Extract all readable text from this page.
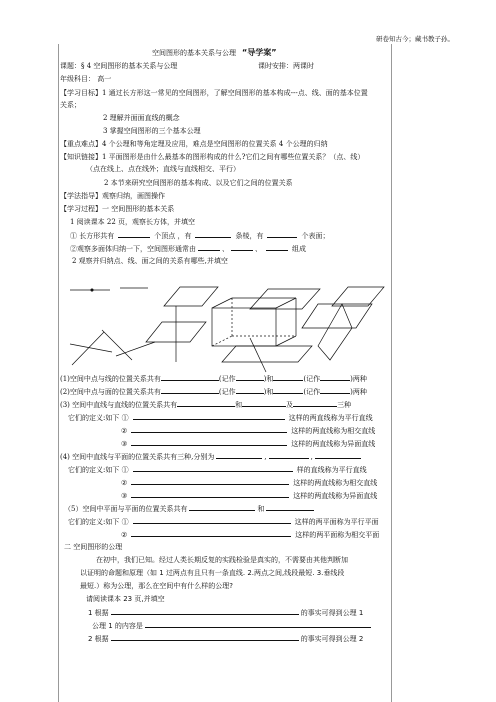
研卷知古今；藏书教子孙。
空间图形的基本关系与公理 “导学案”
课题：§ 4 空间图形的基本关系与公理	课时安排：两课时
年级科目： 高一
【学习目标】1 通过长方形这一常见的空间图形，了解空间图形的基本构成---点、线、面的基本位置
关系；
2 理解并面面直线的概念
3 掌握空间图形的三个基本公理
【重点难点】4 个公理和等角定理及应用，难点是空间图形的位置关系 4 个公理的归纳
【知识链接】1 平面图形是由什么最基本的图形构成的什么?它们之间有哪些位置关系？（点、线）
（点在线上、点在线外；直线与直线相交、平行）
2 本节来研究空间图形的基本构成、以及它们之间的位置关系
【学法指导】观察归纳，画图操作
【学习过程】一 空间图形的基本关系
1 阅读课本 22 页，观察长方体，并填空
① 长方形共有	个顶点 ，有	条棱，有	个表面；
②观察多面体归纳一下，空间图形通常由	、	、	组成
2 观察并归纳点、线、面之间的关系有哪些,并填空
(1)空间中点与线的位置关系共有	(记作	)和	(记作	)两种
(2)空间中点与面的位置关系共有	(记作	)和	(记作	)两种
(3) 空间中直线与直线的位置关系共有	和	及	三种
它们的定义:如下 ①	这样的两直线称为平行直线
②	这样的两直线称为相交直线
③	这样的两直线称为异面直线
(4) 空间中直线与平面的位置关系共有三种,分别为	,	,
它们的定义:如下 ①	样的直线称为平行直线
②	这样的两直线称为相交直线
③	这样的两直线称为异面直线
（5）空间中平面与平面的位置关系共有	和
它们的定义:如下 ①	这样的两平面称为平行平面
②	这样的两平面称为相交平面
二 空间图形的公理
在初中，我们已知。经过人类长期反复的实践检验是真实的，不需要由其他判断加
以证明的命题和原理（如 1 过两点有且只有一条直线. 2.两点之间,线段最短. 3.垂线段
最短.）称为公理，那么在空间中有什么样的公理?
请阅读课本 23 页,并填空
1 根据	的事实可得到公理 1
公理 1 的内容是
2 根据	的事实可得到公理 2
